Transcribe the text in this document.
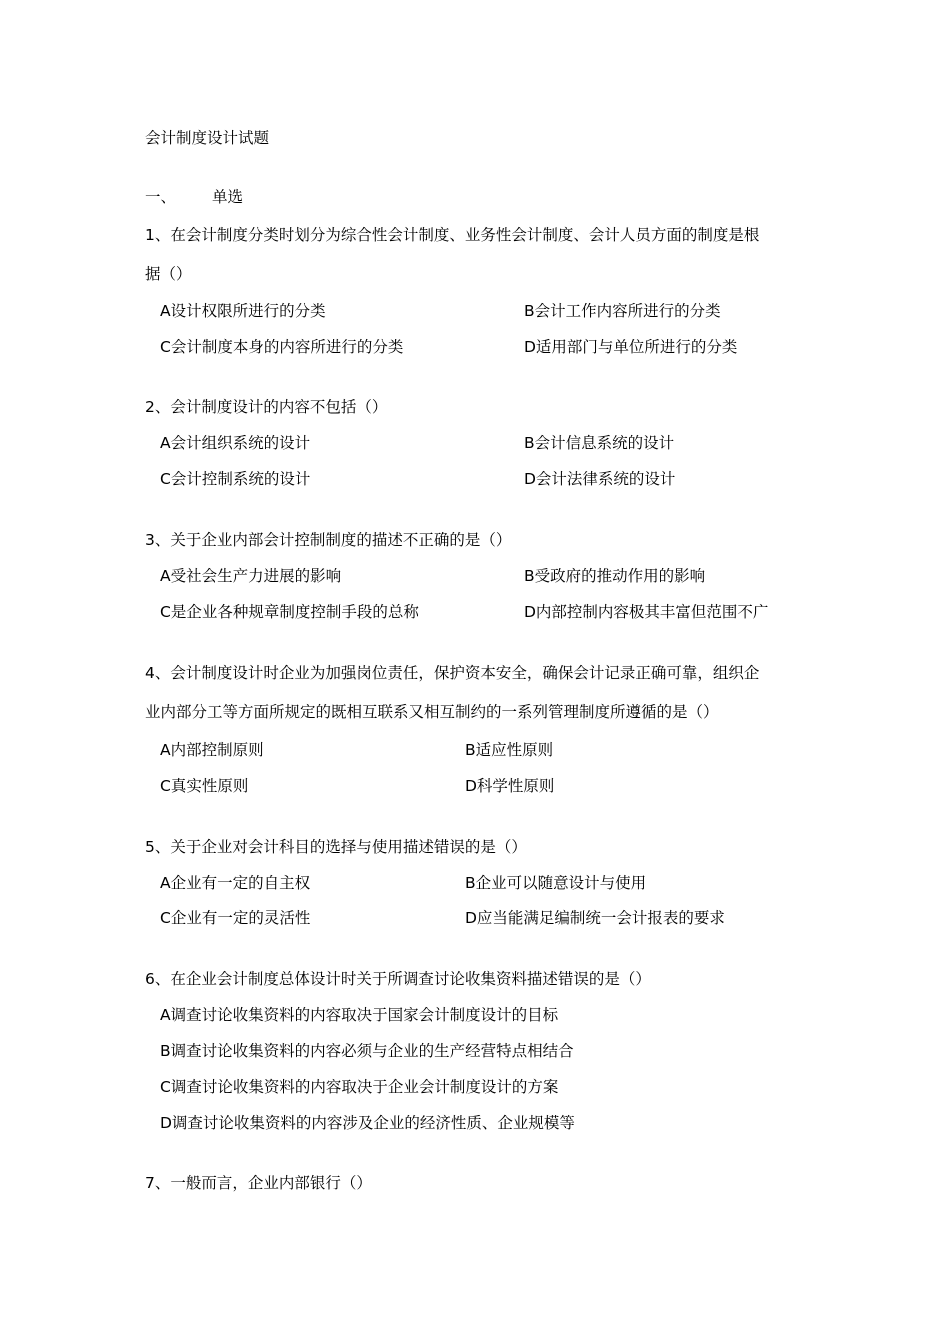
会计制度设计试题
一、 单选
1、在会计制度分类时划分为综合性会计制度、业务性会计制度、会计人员方面的制度是根
据（）
A设计权限所进行的分类	B会计工作内容所进行的分类
C会计制度本身的内容所进行的分类	D适用部门与单位所进行的分类
2、会计制度设计的内容不包括（）
A会计组织系统的设计	B会计信息系统的设计
C会计控制系统的设计	D会计法律系统的设计
3、关于企业内部会计控制制度的描述不正确的是（）
A受社会生产力进展的影响	B受政府的推动作用的影响
C是企业各种规章制度控制手段的总称	D内部控制内容极其丰富但范围不广
4、会计制度设计时企业为加强岗位责任，保护资本安全，确保会计记录正确可靠，组织企
业内部分工等方面所规定的既相互联系又相互制约的一系列管理制度所遵循的是（）
A内部控制原则	B适应性原则
C真实性原则	D科学性原则
5、关于企业对会计科目的选择与使用描述错误的是（）
A企业有一定的自主权	B企业可以随意设计与使用
C企业有一定的灵活性	D应当能满足编制统一会计报表的要求
6、在企业会计制度总体设计时关于所调查讨论收集资料描述错误的是（）
A调查讨论收集资料的内容取决于国家会计制度设计的目标
B调查讨论收集资料的内容必须与企业的生产经营特点相结合
C调查讨论收集资料的内容取决于企业会计制度设计的方案
D调查讨论收集资料的内容涉及企业的经济性质、企业规模等
7、一般而言，企业内部银行（）
